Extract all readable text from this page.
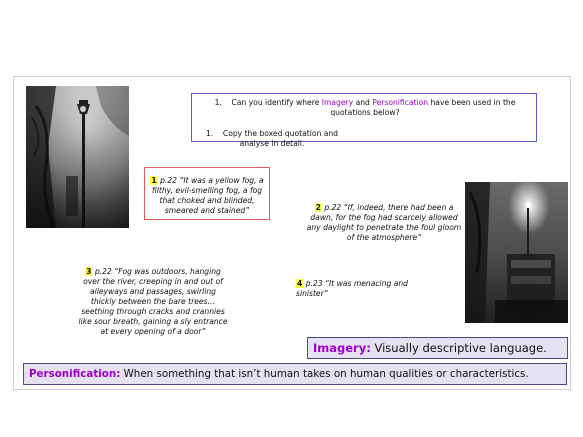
1. Can you identify where Imagery and Personification have been used in the quotations below?
1. Copy the boxed quotation and analyse in detail.
1 p.22 “It was a yellow fog, a filthy, evil-smelling fog, a fog that choked and blinded, smeared and stained”	2 p.22 “If, indeed, there had been a dawn, for the fog had scarcely allowed any daylight to penetrate the foul gloom of the atmosphere”
3 p.22 “Fog was outdoors, hanging over the river, creeping in and out of alleyways and passages, swirling thickly between the bare trees…seething through cracks and crannies like sour breath, gaining a sly entrance at every opening of a door”
4 p.23 “It was menacing and sinister”
Imagery: Visually descriptive language.
Personification: When something that isn’t human takes on human qualities or characteristics.
